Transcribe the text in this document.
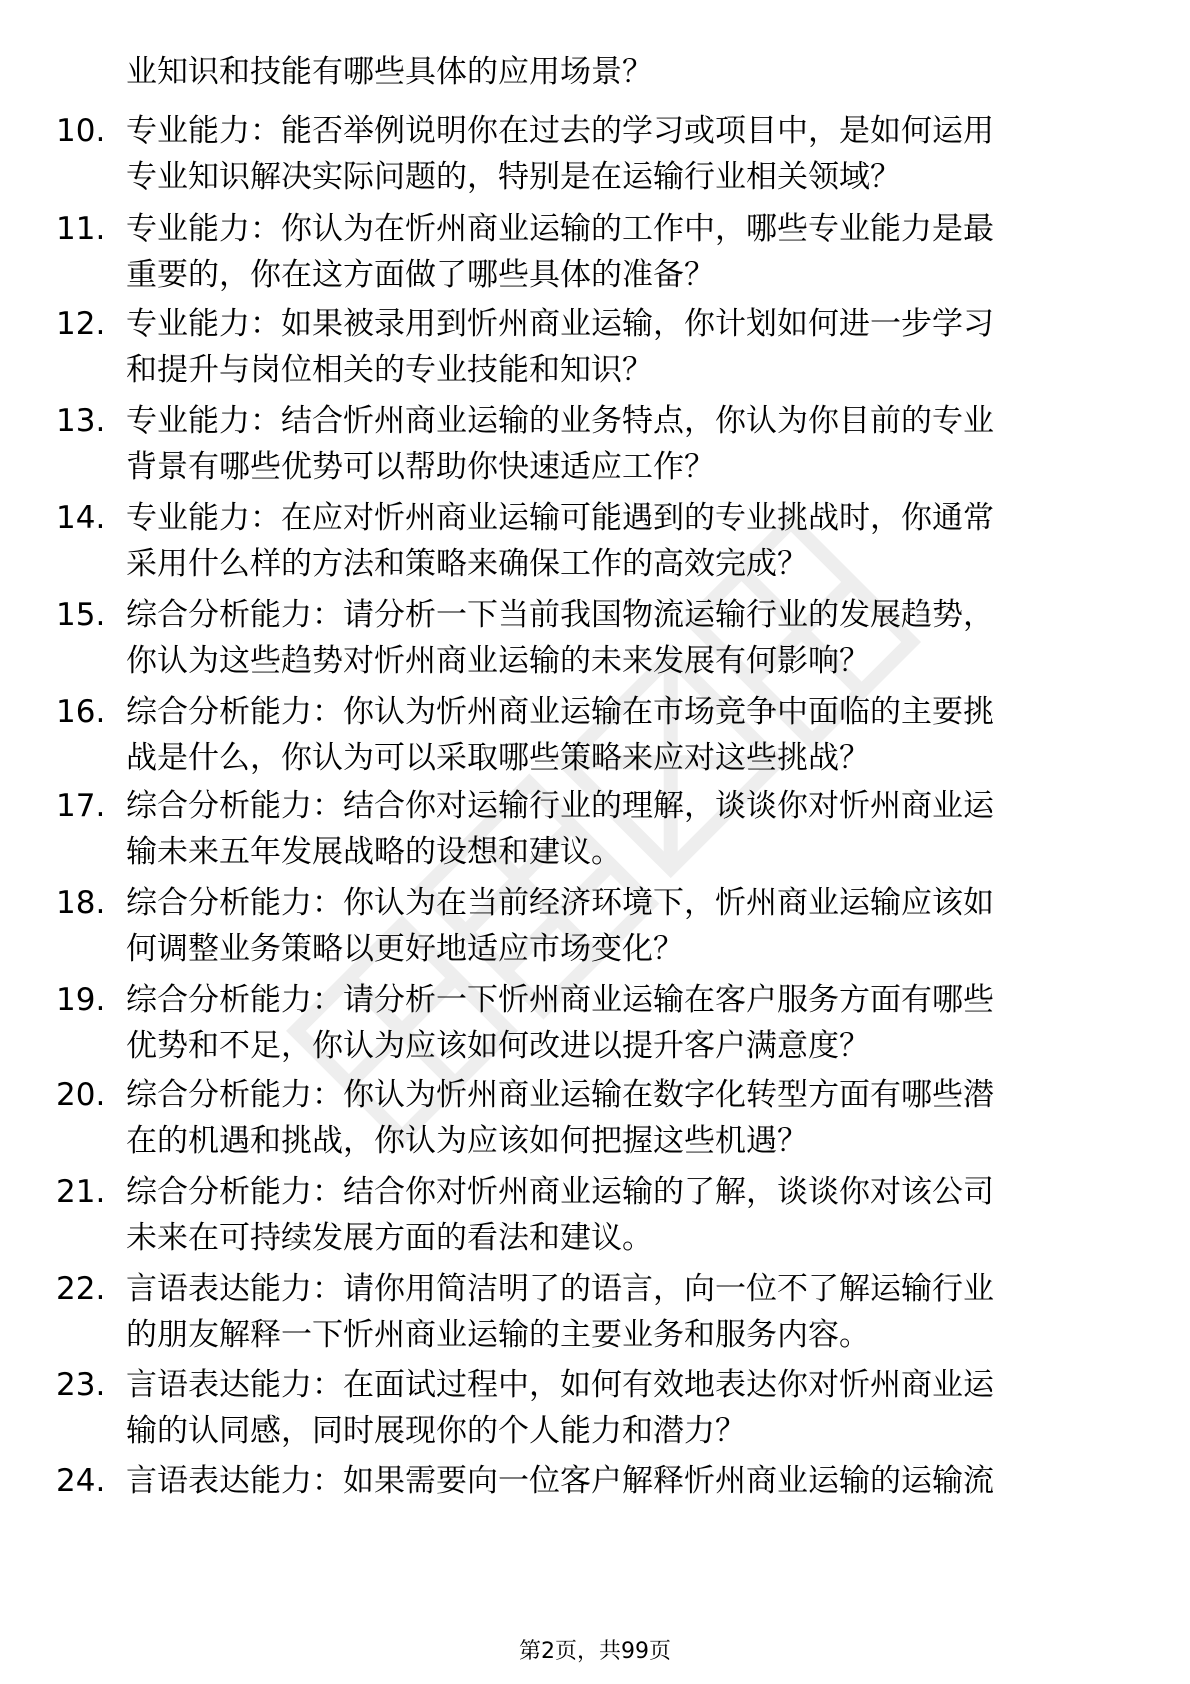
业知识和技能有哪些具体的应用场景？
10. 专业能力：能否举例说明你在过去的学习或项目中，是如何运用
专业知识解决实际问题的，特别是在运输行业相关领域？
11. 专业能力：你认为在忻州商业运输的工作中，哪些专业能力是最
重要的，你在这方面做了哪些具体的准备？
12. 专业能力：如果被录用到忻州商业运输，你计划如何进一步学习
和提升与岗位相关的专业技能和知识？
13. 专业能力：结合忻州商业运输的业务特点，你认为你目前的专业
背景有哪些优势可以帮助你快速适应工作？
14. 专业能力：在应对忻州商业运输可能遇到的专业挑战时，你通常
采用什么样的方法和策略来确保工作的高效完成？
15. 综合分析能力：请分析一下当前我国物流运输行业的发展趋势，
你认为这些趋势对忻州商业运输的未来发展有何影响？
16. 综合分析能力：你认为忻州商业运输在市场竞争中面临的主要挑
战是什么，你认为可以采取哪些策略来应对这些挑战？
17. 综合分析能力：结合你对运输行业的理解，谈谈你对忻州商业运
输未来五年发展战略的设想和建议。
18. 综合分析能力：你认为在当前经济环境下，忻州商业运输应该如
何调整业务策略以更好地适应市场变化？
19. 综合分析能力：请分析一下忻州商业运输在客户服务方面有哪些
优势和不足，你认为应该如何改进以提升客户满意度？
20. 综合分析能力：你认为忻州商业运输在数字化转型方面有哪些潜
在的机遇和挑战，你认为应该如何把握这些机遇？
21. 综合分析能力：结合你对忻州商业运输的了解，谈谈你对该公司
未来在可持续发展方面的看法和建议。
22. 言语表达能力：请你用简洁明了的语言，向一位不了解运输行业
的朋友解释一下忻州商业运输的主要业务和服务内容。
23. 言语表达能力：在面试过程中，如何有效地表达你对忻州商业运
输的认同感，同时展现你的个人能力和潜力？
24. 言语表达能力：如果需要向一位客户解释忻州商业运输的运输流
第2页，共99页
